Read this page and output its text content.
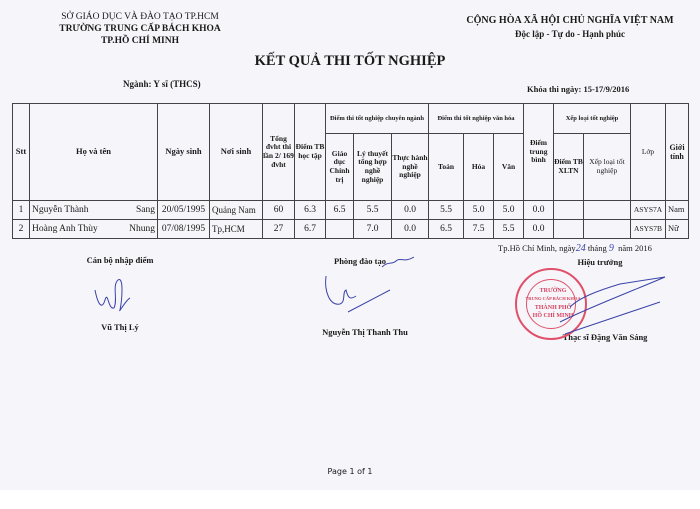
SỞ GIÁO DỤC VÀ ĐÀO TẠO TP.HCM
TRƯỜNG TRUNG CẤP BÁCH KHOA
TP.HỒ CHÍ MINH
CỘNG HÒA XÃ HỘI CHỦ NGHĨA VIỆT NAM
Độc lập - Tự do - Hạnh phúc
KẾT QUẢ THI TỐT NGHIỆP
Ngành: Y sĩ (THCS)	Khóa thi ngày: 15-17/9/2016
Stt	Họ và tên	Ngày sinh	Nơi sinh	Tổng đvht thi lần 2/ 169 đvht	Điểm TB học tập	Điểm thi tốt nghiệp chuyên ngành			Điểm thi tốt nghiệp văn hóa			Điểm trung bình	Xếp loại tốt nghiệp		Lớp	Giới tính
						Giáo dục Chính trị	Lý thuyết tổng hợp nghề nghiệp	Thực hành nghề nghiệp	Toán	Hóa	Văn		Điểm TB XLTN	Xếp loại tốt nghiệp		
1	Nguyễn Thành Sang	20/05/1995	Quảng Nam	60	6.3	6.5	5.5	0.0	5.5	5.0	5.0	0.0			ASYS7A	Nam
2	Hoàng Anh Thùy Nhung	07/08/1995	Tp,HCM	27	6.7		7.0	0.0	6.5	7.5	5.5	0.0			ASYS7B	Nữ
Tp.Hồ Chí Minh, ngày24 tháng 9 năm 2016
Cán bộ nhập điểm
Vũ Thị Lý
Phòng đào tạo
Nguyễn Thị Thanh Thu
Hiệu trưởng
Thạc sĩ Đặng Văn Sáng
TRƯỜNG
TRUNG CẤP BÁCH KHOA
THÀNH PHỐ
HỒ CHÍ MINH
Page 1 of 1
